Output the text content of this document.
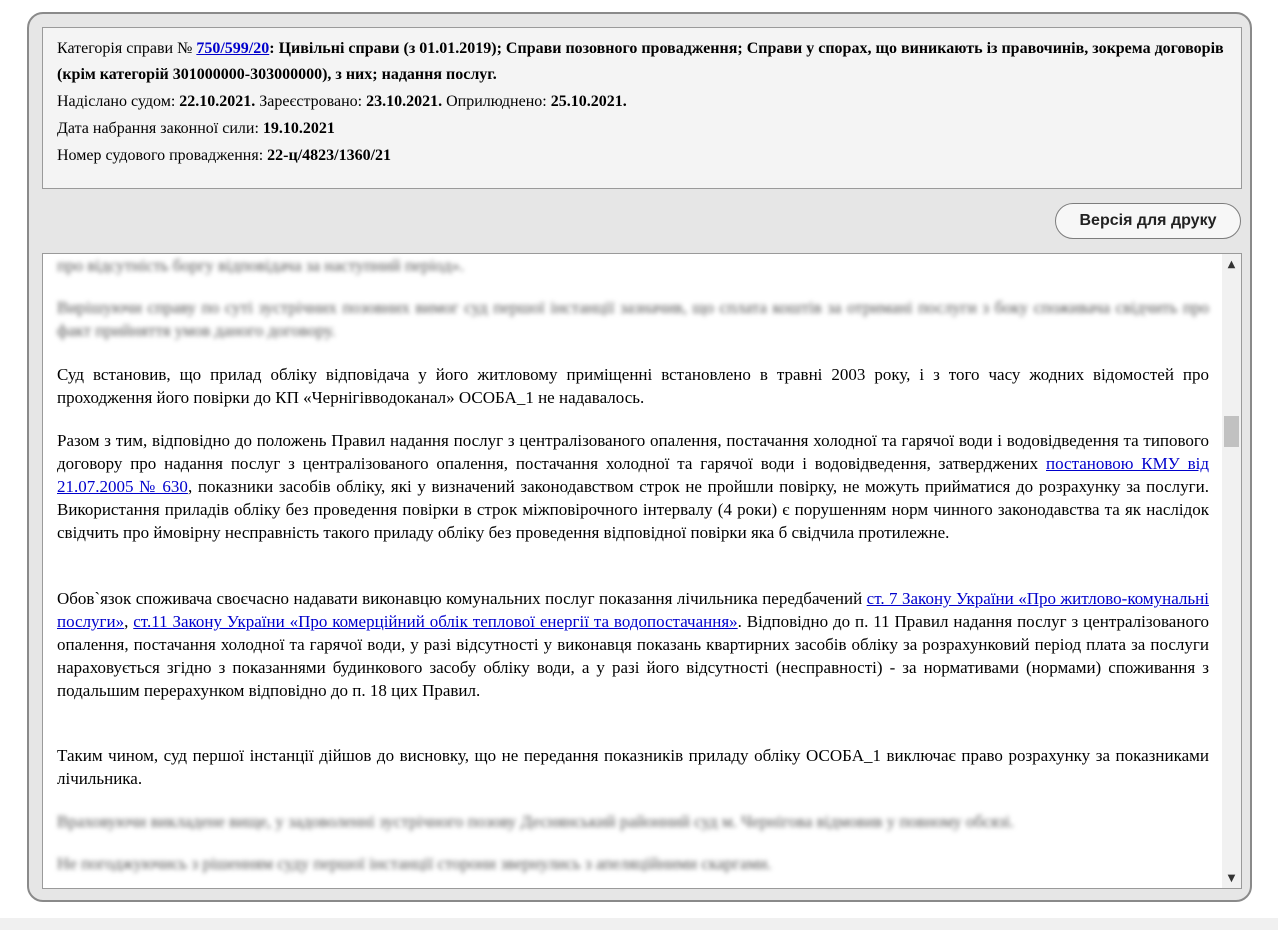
Категорія справи № 750/599/20: Цивільні справи (з 01.01.2019); Справи позовного провадження; Справи у спорах, що виникають із правочинів, зокрема договорів (крім категорій 301000000-303000000), з них; надання послуг.
Надіслано судом: 22.10.2021. Зареєстровано: 23.10.2021. Оприлюднено: 25.10.2021.
Дата набрання законної сили: 19.10.2021
Номер судового провадження: 22-ц/4823/1360/21
Версія для друку

про відсутність боргу відповідача за наступний період».

Вирішуючи справу по суті зустрічних позовних вимог суд першої інстанції зазначив, що сплата коштів за отримані послуги з боку споживача свідчить про факт прийняття умов даного договору.

Суд встановив, що прилад обліку відповідача у його житловому приміщенні встановлено в травні 2003 року, і з того часу жодних відомостей про проходження його повірки до КП «Чернігівводоканал» ОСОБА_1 не надавалось.

Разом з тим, відповідно до положень Правил надання послуг з централізованого опалення, постачання холодної та гарячої води і водовідведення та типового договору про надання послуг з централізованого опалення, постачання холодної та гарячої води і водовідведення, затверджених постановою КМУ від 21.07.2005 № 630, показники засобів обліку, які у визначений законодавством строк не пройшли повірку, не можуть прийматися до розрахунку за послуги. Використання приладів обліку без проведення повірки в строк міжповірочного інтервалу (4 роки) є порушенням норм чинного законодавства та як наслідок свідчить про ймовірну несправність такого приладу обліку без проведення відповідної повірки яка б свідчила протилежне.

Обов`язок споживача своєчасно надавати виконавцю комунальних послуг показання лічильника передбачений ст. 7 Закону України «Про житлово-комунальні послуги», ст.11 Закону України «Про комерційний облік теплової енергії та водопостачання». Відповідно до п. 11 Правил надання послуг з централізованого опалення, постачання холодної та гарячої води, у разі відсутності у виконавця показань квартирних засобів обліку за розрахунковий період плата за послуги нараховується згідно з показаннями будинкового засобу обліку води, а у разі його відсутності (несправності) - за нормативами (нормами) споживання з подальшим перерахунком відповідно до п. 18 цих Правил.

Таким чином, суд першої інстанції дійшов до висновку, що не передання показників приладу обліку ОСОБА_1 виключає право розрахунку за показниками лічильника.

Враховуючи викладене вище, у задоволенні зустрічного позову Деснянський районний суд м. Чернігова відмовив у повному обсязі.

Не погоджуючись з рішенням суду першої інстанції сторони звернулись з апеляційними скаргами.

▲
▼
